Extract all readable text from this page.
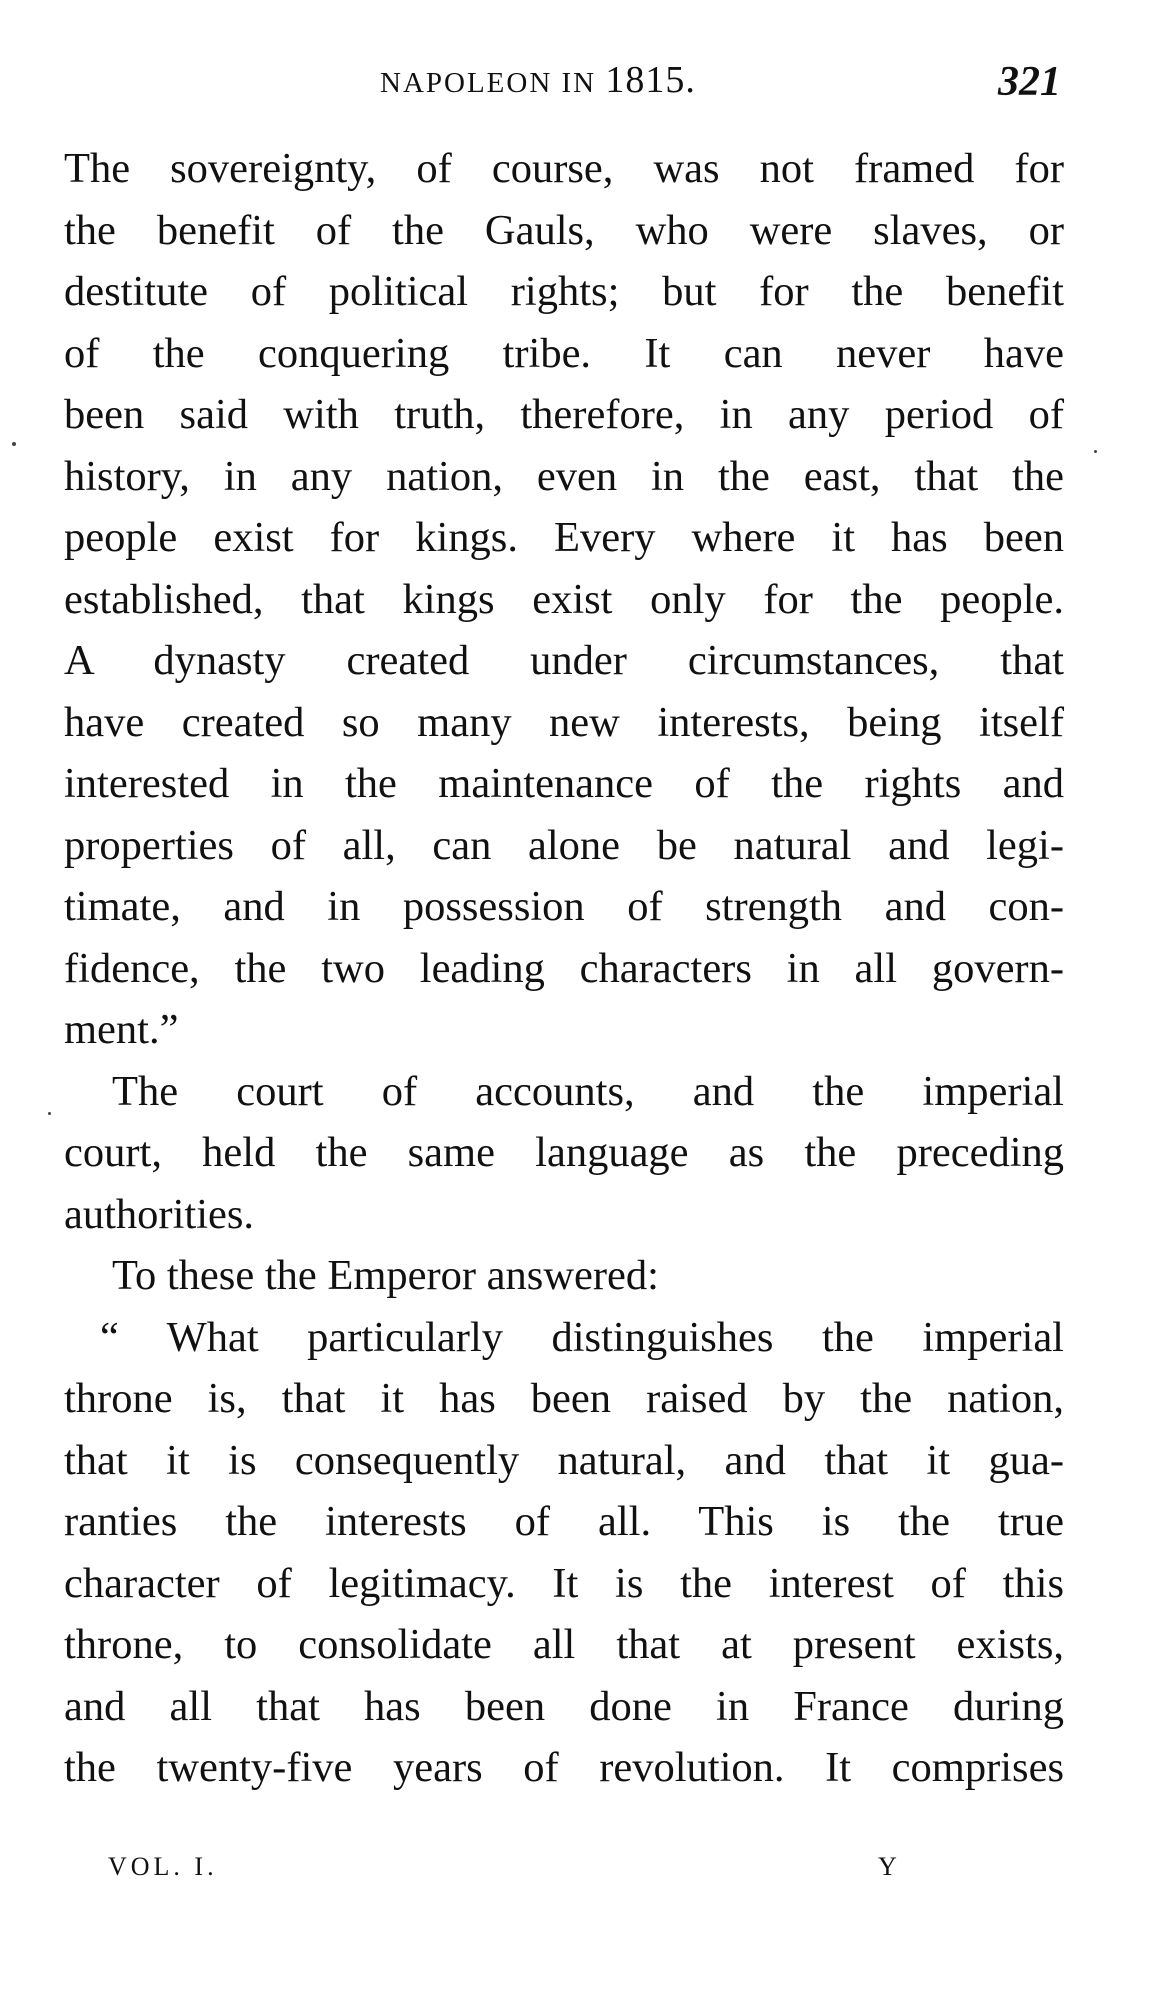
NAPOLEON IN 1815.	321
The sovereignty, of course, was not framed for
the benefit of the Gauls, who were slaves, or
destitute of political rights; but for the benefit
of the conquering tribe. It can never have
been said with truth, therefore, in any period of
history, in any nation, even in the east, that the
people exist for kings. Every where it has been
established, that kings exist only for the people.
A dynasty created under circumstances, that
have created so many new interests, being itself
interested in the maintenance of the rights and
properties of all, can alone be natural and legi-
timate, and in possession of strength and con-
fidence, the two leading characters in all govern-
ment.”
The court of accounts, and the imperial
court, held the same language as the preceding
authorities.
To these the Emperor answered:
“ What particularly distinguishes the imperial
throne is, that it has been raised by the nation,
that it is consequently natural, and that it gua-
ranties the interests of all. This is the true
character of legitimacy. It is the interest of this
throne, to consolidate all that at present exists,
and all that has been done in France during
the twenty-five years of revolution. It comprises
VOL. I.	Y
